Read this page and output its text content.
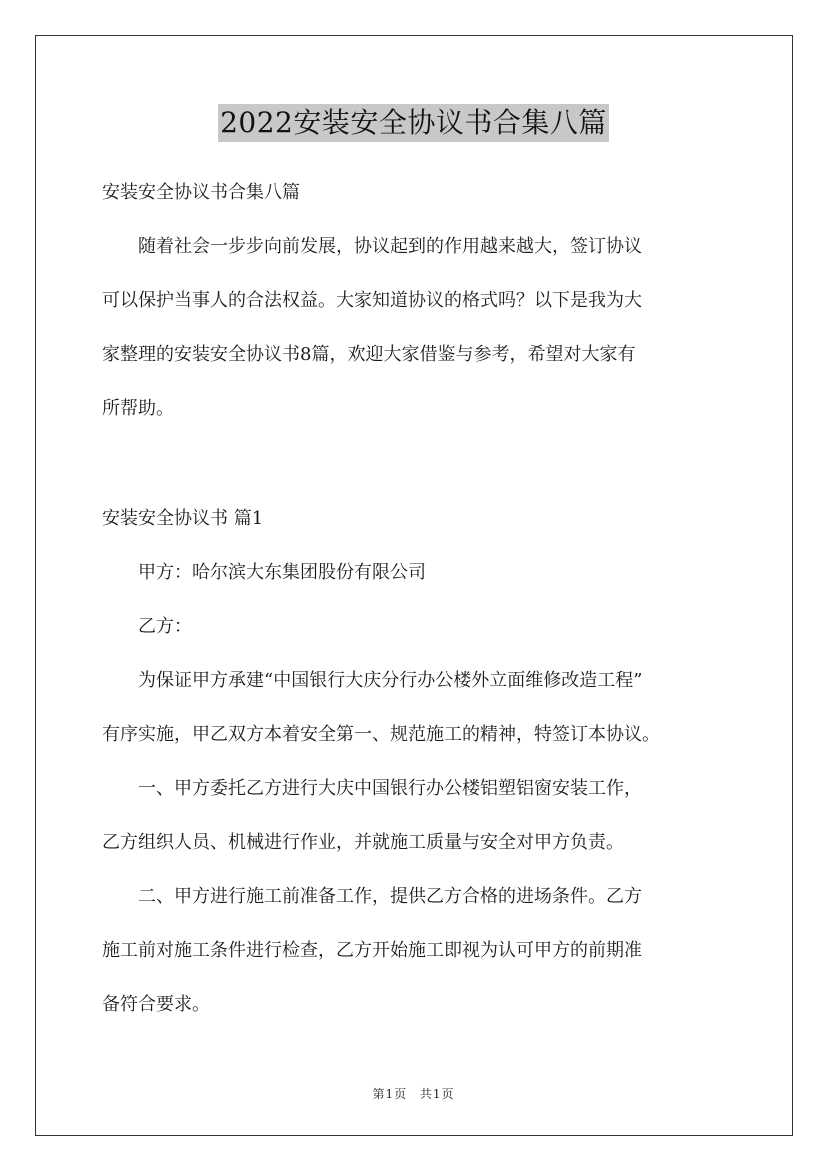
2022安装安全协议书合集八篇

安装安全协议书合集八篇

　　随着社会一步步向前发展，协议起到的作用越来越大，签订协议

可以保护当事人的合法权益。大家知道协议的格式吗？以下是我为大

家整理的安装安全协议书8篇，欢迎大家借鉴与参考，希望对大家有

所帮助。

安装安全协议书 篇1

　　甲方：哈尔滨大东集团股份有限公司

　　乙方：

　　为保证甲方承建“中国银行大庆分行办公楼外立面维修改造工程”

有序实施，甲乙双方本着安全第一、规范施工的精神，特签订本协议。

　　一、甲方委托乙方进行大庆中国银行办公楼铝塑铝窗安装工作，

乙方组织人员、机械进行作业，并就施工质量与安全对甲方负责。

　　二、甲方进行施工前准备工作，提供乙方合格的进场条件。乙方

施工前对施工条件进行检查，乙方开始施工即视为认可甲方的前期准

备符合要求。

第1页 共1页
